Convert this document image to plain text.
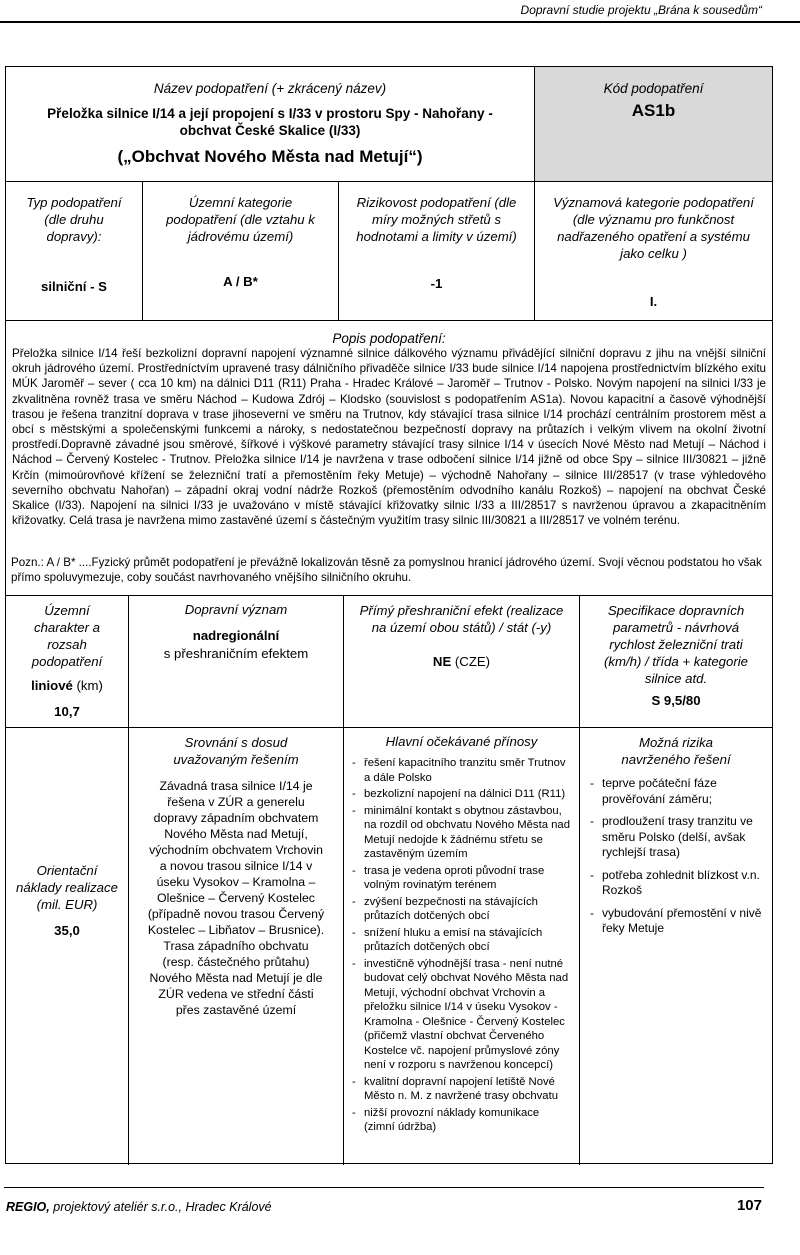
Dopravní studie projektu „Brána k sousedům“
Název podopatření (+ zkrácený název)
Přeložka silnice I/14 a její propojení s I/33 v prostoru Spy - Nahořany - obchvat České Skalice (I/33)
(„Obchvat Nového Města nad Metují“)
Kód podopatření
AS1b
Typ podopatření (dle druhu dopravy):
silniční - S
Územní kategorie podopatření (dle vztahu k jádrovému území)
A / B*
Rizikovost podopatření (dle míry možných střetů s hodnotami a limity v území)
-1
Významová kategorie podopatření (dle významu pro funkčnost nadřazeného opatření a systému jako celku )
I.
Popis podopatření:
Přeložka silnice I/14 řeší bezkolizní dopravní napojení významné silnice dálkového významu přivádějící silniční dopravu z jihu na vnější silniční okruh jádrového území. Prostředníctvím upravené trasy dálničního přivaděče silnice I/33 bude silnice I/14 napojena prostřednictvím blízkého exitu MÚK Jaroměř – sever ( cca 10 km) na dálnici D11 (R11) Praha - Hradec Králové – Jaroměř – Trutnov - Polsko. Novým napojení na silnici I/33 je zkvalitněna rovněž trasa ve směru Náchod – Kudowa Zdrój – Klodsko (souvislost s podopatřením AS1a). Novou kapacitní a časově výhodnější trasou je řešena tranzitní doprava v trase jihoseverní ve směru na Trutnov, kdy stávající trasa silnice I/14 prochází centrálním prostorem měst a obcí s městskými a společenskými funkcemi a nároky, s nedostatečnou bezpečností dopravy na průtazích i velkým vlivem na okolní životní prostředí.Dopravně závadné jsou směrové, šířkové i výškové parametry stávající trasy silnice I/14 v úsecích Nové Město nad Metují – Náchod i Náchod – Červený Kostelec - Trutnov. Přeložka silnice I/14 je navržena v trase odbočení silnice I/14 jižně od obce Spy – silnice III/30821 – jižně Krčín (mimoúrovňové křížení se železniční tratí a přemostěním řeky Metuje) – východně Nahořany – silnice III/28517 (v trase výhledového severního obchvatu Nahořan) – západní okraj vodní nádrže Rozkoš (přemostěním odvodního kanálu Rozkoš) – napojení na obchvat České Skalice (I/33). Napojení na silnici I/33 je uvažováno v místě stávající křižovatky silnic I/33 a III/28517 s navrženou úpravou a zkapacitněním křižovatky. Celá trasa je navržena mimo zastavěné území s částečným využitím trasy silnic III/30821 a III/28517 ve volném terénu.
Územní charakter a rozsah podopatření
liniové (km)
10,7
Dopravní význam
nadregionální
s přeshraničním efektem
Přímý přeshraniční efekt (realizace na území obou států) / stát (-y)
NE (CZE)
Specifikace dopravních parametrů - návrhová rychlost železniční trati (km/h) / třída + kategorie silnice atd.
S 9,5/80
Orientační náklady realizace (mil. EUR)
35,0
Srovnání s dosud uvažovaným řešením
Závadná trasa silnice I/14 je řešena v ZÚR a generelu dopravy západním obchvatem Nového Města nad Metují, východním obchvatem Vrchovin a novou trasou silnice I/14 v úseku Vysokov – Kramolna – Olešnice – Červený Kostelec (případně novou trasou Červený Kostelec – Libňatov – Brusnice). Trasa západního obchvatu (resp. částečného průtahu) Nového Města nad Metují je dle ZÚR vedena ve střední části přes zastavěné území
Hlavní očekávané přínosy
- řešení kapacitního tranzitu směr Trutnov a dále Polsko
- bezkolizní napojení na dálnici D11 (R11)
- minimální kontakt s obytnou zástavbou, na rozdíl od obchvatu Nového Města nad Metují nedojde k žádnému střetu se zastavěným územím
- trasa je vedena oproti původní trase volným rovinatým terénem
- zvýšení bezpečnosti na stávajících průtazích dotčených obcí
- snížení hluku a emisí na stávajících průtazích dotčených obcí
- investičně výhodnější trasa - není nutné budovat celý obchvat Nového Města nad Metují, východní obchvat Vrchovin a přeložku silnice I/14 v úseku Vysokov - Kramolna - Olešnice - Červený Kostelec (přičemž vlastní obchvat Červeného Kostelce vč. napojení průmyslové zóny není v rozporu s navrženou koncepcí)
- kvalitní dopravní napojení letiště Nové Město n. M. z navržené trasy obchvatu
- nižší provozní náklady komunikace (zimní údržba)
Možná rizika navrženého řešení
- teprve počáteční fáze prověřování záměru;
- prodloužení trasy tranzitu ve směru Polsko (delší, avšak rychlejší trasa)
- potřeba zohlednit blízkost v.n. Rozkoš
- vybudování přemostění v nivě řeky Metuje
Pozn.: A / B* ....Fyzický průmět podopatření je převážně lokalizován těsně za pomyslnou hranicí jádrového území. Svojí věcnou podstatou ho však přímo spoluvymezuje, coby součást navrhovaného vnějšího silničního okruhu.
REGIO, projektový ateliér s.r.o., Hradec Králové	107
